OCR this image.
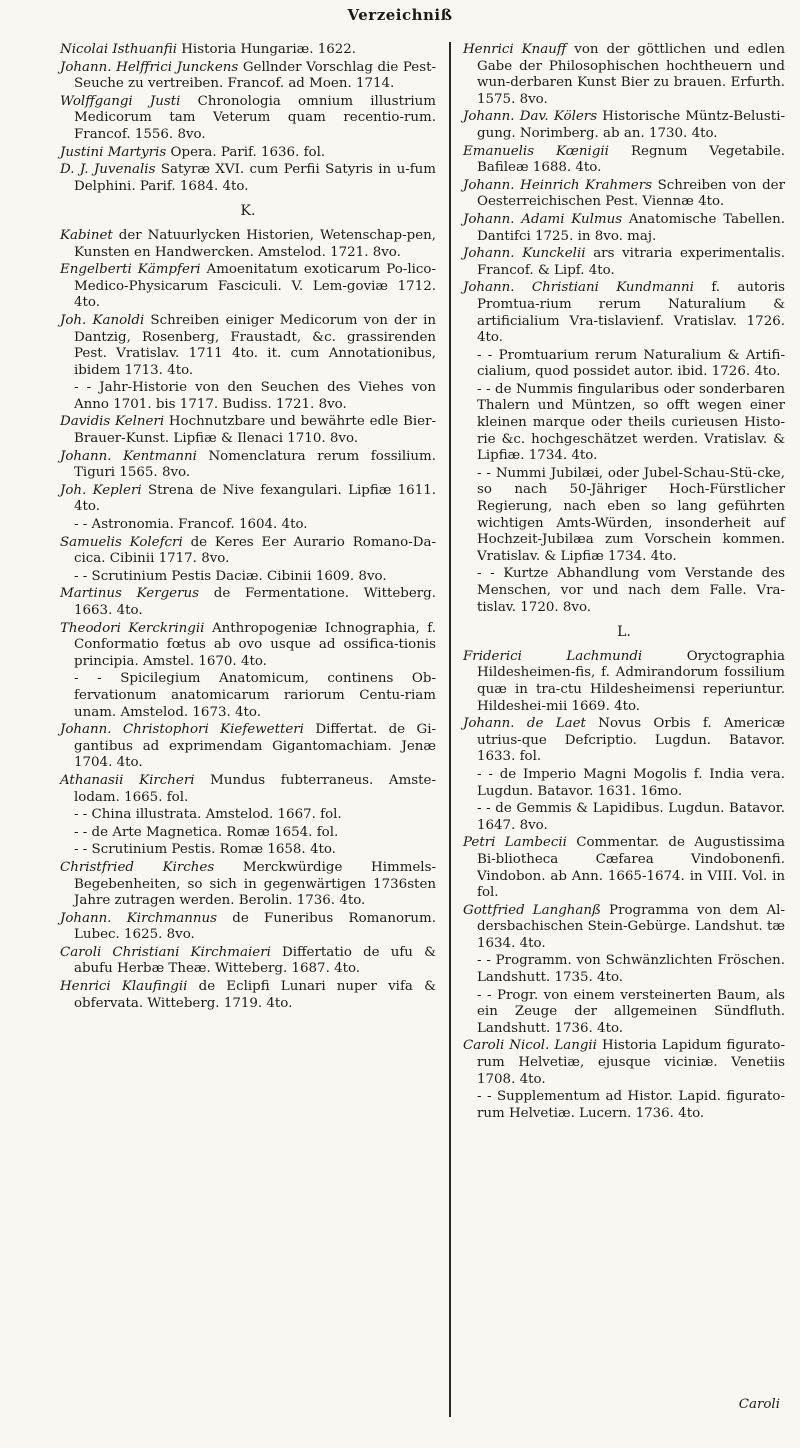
Verzeichniß
Nicolai Isthuanfii Historia Hungariæ. 1622.
Johann. Helffrici Junckens Gellnder Vorschlag die Pest-Seuche zu vertreiben. Francof. ad Moen. 1714.
Wolffgangi Justi Chronologia omnium illustrium Medicorum tam Veterum quam recentio-rum. Francof. 1556. 8vo.
Justini Martyris Opera. Parif. 1636. fol.
D. J. Juvenalis Satyræ XVI. cum Perfii Satyris in u-fum Delphini. Parif. 1684. 4to.
K.
Kabinet der Natuurlycken Historien, Wetenschap-pen, Kunsten en Handwercken. Amstelod. 1721. 8vo.
Engelberti Kämpferi Amoenitatum exoticarum Po-lico-Medico-Physicarum Fasciculi. V. Lem-goviæ 1712. 4to.
Joh. Kanoldi Schreiben einiger Medicorum von der in Dantzig, Rosenberg, Fraustadt, &c. grassirenden Pest. Vratislav. 1711 4to. it. cum Annotationibus, ibidem 1713. 4to.
- - Jahr-Historie von den Seuchen des Viehes von Anno 1701. bis 1717. Budiss. 1721. 8vo.
Davidis Kelneri Hochnutzbare und bewährte edle Bier-Brauer-Kunst. Lipfiæ & Ilenaci 1710. 8vo.
Johann. Kentmanni Nomenclatura rerum fossilium. Tiguri 1565. 8vo.
Joh. Kepleri Strena de Nive fexangulari. Lipfiæ 1611. 4to.
- - Astronomia. Francof. 1604. 4to.
Samuelis Kolefcri de Keres Eer Aurario Romano-Da-cica. Cibinii 1717. 8vo.
- - Scrutinium Pestis Daciæ. Cibinii 1609. 8vo.
Martinus Kergerus de Fermentatione. Witteberg. 1663. 4to.
Theodori Kerckringii Anthropogeniæ Ichnographia, f. Conformatio fœtus ab ovo usque ad ossifica-tionis principia. Amstel. 1670. 4to.
- - Spicilegium Anatomicum, continens Ob-fervationum anatomicarum rariorum Centu-riam unam. Amstelod. 1673. 4to.
Johann. Christophori Kiefewetteri Differtat. de Gi-gantibus ad exprimendam Gigantomachiam. Jenæ 1704. 4to.
Athanasii Kircheri Mundus fubterraneus. Amste-lodam. 1665. fol.
- - China illustrata. Amstelod. 1667. fol.
- - de Arte Magnetica. Romæ 1654. fol.
- - Scrutinium Pestis. Romæ 1658. 4to.
Christfried Kirches Merckwürdige Himmels-Begebenheiten, so sich in gegenwärtigen 1736sten Jahre zutragen werden. Berolin. 1736. 4to.
Johann. Kirchmannus de Funeribus Romanorum. Lubec. 1625. 8vo.
Caroli Christiani Kirchmaieri Differtatio de ufu & abufu Herbæ Theæ. Witteberg. 1687. 4to.
Henrici Klaufingii de Eclipfi Lunari nuper vifa & obfervata. Witteberg. 1719. 4to.
Henrici Knauff von der göttlichen und edlen Gabe der Philosophischen hochtheuern und wun-derbaren Kunst Bier zu brauen. Erfurth. 1575. 8vo.
Johann. Dav. Kölers Historische Müntz-Belusti-gung. Norimberg. ab an. 1730. 4to.
Emanuelis Kœnigii Regnum Vegetabile. Bafileæ 1688. 4to.
Johann. Heinrich Krahmers Schreiben von der Oesterreichischen Pest. Viennæ 4to.
Johann. Adami Kulmus Anatomische Tabellen. Dantifci 1725. in 8vo. maj.
Johann. Kunckelii ars vitraria experimentalis. Francof. & Lipf. 4to.
Johann. Christiani Kundmanni f. autoris Promtua-rium rerum Naturalium & artificialium Vra-tislavienf. Vratislav. 1726. 4to.
- - Promtuarium rerum Naturalium & Artifi-cialium, quod possidet autor. ibid. 1726. 4to.
- - de Nummis fingularibus oder sonderbaren Thalern und Müntzen, so offt wegen einer kleinen marque oder theils curieusen Histo-rie &c. hochgeschätzet werden. Vratislav. & Lipfiæ. 1734. 4to.
- - Nummi Jubilæi, oder Jubel-Schau-Stü-cke, so nach 50-Jähriger Hoch-Fürstlicher Regierung, nach eben so lang geführten wichtigen Amts-Würden, insonderheit auf Hochzeit-Jubilæa zum Vorschein kommen. Vratislav. & Lipfiæ 1734. 4to.
- - Kurtze Abhandlung vom Verstande des Menschen, vor und nach dem Falle. Vra-tislav. 1720. 8vo.
L.
Friderici Lachmundi Oryctographia Hildesheimen-fis, f. Admirandorum fossilium quæ in tra-ctu Hildesheimensi reperiuntur. Hildeshei-mii 1669. 4to.
Johann. de Laet Novus Orbis f. Americæ utrius-que Defcriptio. Lugdun. Batavor. 1633. fol.
- - de Imperio Magni Mogolis f. India vera. Lugdun. Batavor. 1631. 16mo.
- - de Gemmis & Lapidibus. Lugdun. Batavor. 1647. 8vo.
Petri Lambecii Commentar. de Augustissima Bi-bliotheca Cæfarea Vindobonenfi. Vindobon. ab Ann. 1665-1674. in VIII. Vol. in fol.
Gottfried Langhanß Programma von dem Al-dersbachischen Stein-Gebürge. Landshut. tæ 1634. 4to.
- - Programm. von Schwänzlichten Fröschen. Landshutt. 1735. 4to.
- - Progr. von einem versteinerten Baum, als ein Zeuge der allgemeinen Sündfluth. Landshutt. 1736. 4to.
Caroli Nicol. Langii Historia Lapidum figurato-rum Helvetiæ, ejusque viciniæ. Venetiis 1708. 4to.
- - Supplementum ad Histor. Lapid. figurato-rum Helvetiæ. Lucern. 1736. 4to.
Caroli
